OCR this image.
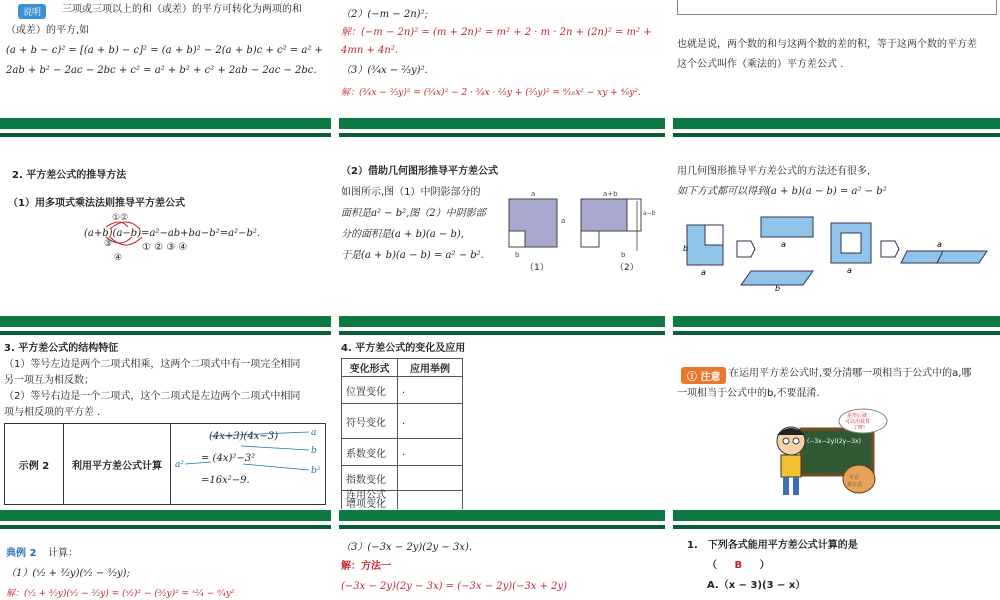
说明	三项或三项以上的和（或差）的平方可转化为两项的和
（或差）的平方,如
(a + b − c)² = [(a + b) − c]² = (a + b)² − 2(a + b)c + c² = a² +
2ab + b² − 2ac − 2bc + c² = a² + b² + c² + 2ab − 2ac − 2bc.
（2）(−m − 2n)²;
解：(−m − 2n)² = (m + 2n)² = m² + 2 · m · 2n + (2n)² = m² +
4mn + 4n².
（3）(³⁄₄x − ²⁄₃y)².
解：(³⁄₄x − ²⁄₃y)² = (³⁄₄x)² − 2 · ³⁄₄x · ²⁄₃y + (²⁄₃y)² = ⁹⁄₁₆x² − xy + ⁴⁄₉y².
也就是说，两个数的和与这两个数的差的积，等于这两个数的平方差
这个公式叫作（乘法的）平方差公式 .
2. 平方差公式的推导方法
（1）用多项式乘法法则推导平方差公式
①②
(a+b)(a−b)=a²−ab+ba−b²=a²−b².
③
④
① ② ③ ④
（2）借助几何图形推导平方差公式
如图所示,图（1）中阴影部分的
面积是a² − b²,图（2）中阴影部
分的面积是(a + b)(a − b),
于是(a + b)(a − b) = a² − b².
a
a
b
（1）
a+b
a−b
b
（2）
用几何图形推导平方差公式的方法还有很多,
如下方式都可以得到(a + b)(a − b) = a² − b²
b
a
a
b
a
a
3. 平方差公式的结构特征
（1）等号左边是两个二项式相乘，这两个二项式中有一项完全相同
另一项互为相反数；
（2）等号右边是一个二项式，这个二项式是左边两个二项式中相同
项与相反项的平方差 .
示例 2	利用平方差公式计算	
(4x+3)(4x−3)
= (4x)²−3²
=16x²−9.
a
b
a²
b²
4. 平方差公式的变化及应用
变化形式	应用举例
位置变化	.
符号变化	.
系数变化	.
指数变化	
增项变化
连用公式	

ⓘ 注意 在运用平方差公式时,要分清哪一项相当于公式中的a,哪
一项相当于公式中的b,不要混淆.
(−3x−2y)(2y−3x)
是形后就
可以用我算
了呀!
平方
差公式
典例 2 计算：
（1）(ˣ⁄₂ + ³⁄₂y)(ˣ⁄₂ − ³⁄₂y);
解：(ˣ⁄₂ + ³⁄₂y)(ˣ⁄₂ − ³⁄₂y) = (ˣ⁄₂)² − (³⁄₂y)² = ˣ²⁄₄ − ⁹⁄₄y²
（3）(−3x − 2y)(2y − 3x).
解：方法一
(−3x − 2y)(2y − 3x) = (−3x − 2y)(−3x + 2y)
1.　下列各式能用平方差公式计算的是
（ B ）
A.（x − 3)(3 − x）
